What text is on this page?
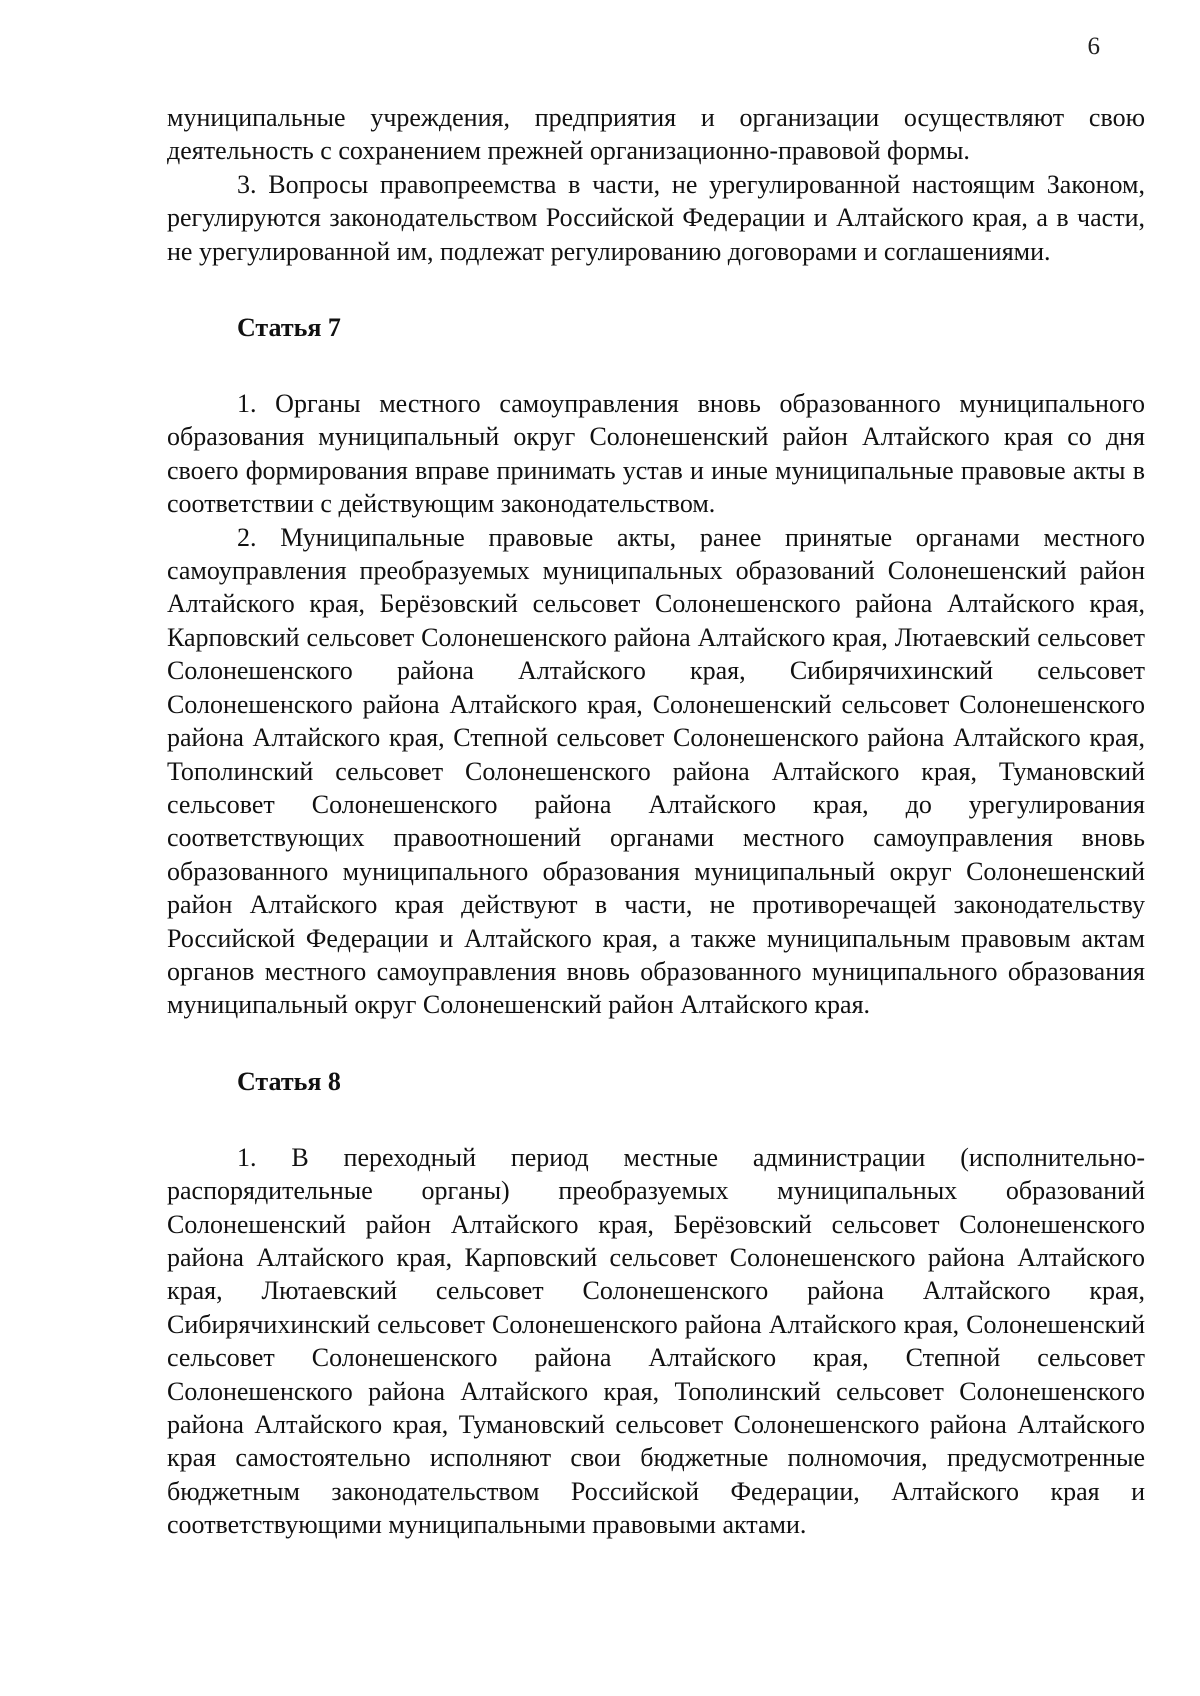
6

муниципальные учреждения, предприятия и организации осуществляют свою деятельность с сохранением прежней организационно-правовой формы.

3. Вопросы правопреемства в части, не урегулированной настоящим Законом, регулируются законодательством Российской Федерации и Алтайского края, а в части, не урегулированной им, подлежат регулированию договорами и соглашениями.

Статья 7

1. Органы местного самоуправления вновь образованного муниципального образования муниципальный округ Солонешенский район Алтайского края со дня своего формирования вправе принимать устав и иные муниципальные правовые акты в соответствии с действующим законодательством.

2. Муниципальные правовые акты, ранее принятые органами местного самоуправления преобразуемых муниципальных образований Солонешенский район Алтайского края, Берёзовский сельсовет Солонешенского района Алтайского края, Карповский сельсовет Солонешенского района Алтайского края, Лютаевский сельсовет Солонешенского района Алтайского края, Сибирячихинский сельсовет Солонешенского района Алтайского края, Солонешенский сельсовет Солонешенского района Алтайского края, Степной сельсовет Солонешенского района Алтайского края, Тополинский сельсовет Солонешенского района Алтайского края, Тумановский сельсовет Солонешенского района Алтайского края, до урегулирования соответствующих правоотношений органами местного самоуправления вновь образованного муниципального образования муниципальный округ Солонешенский район Алтайского края действуют в части, не противоречащей законодательству Российской Федерации и Алтайского края, а также муниципальным правовым актам органов местного самоуправления вновь образованного муниципального образования муниципальный округ Солонешенский район Алтайского края.

Статья 8

1. В переходный период местные администрации (исполнительно-распорядительные органы) преобразуемых муниципальных образований Солонешенский район Алтайского края, Берёзовский сельсовет Солонешенского района Алтайского края, Карповский сельсовет Солонешенского района Алтайского края, Лютаевский сельсовет Солонешенского района Алтайского края, Сибирячихинский сельсовет Солонешенского района Алтайского края, Солонешенский сельсовет Солонешенского района Алтайского края, Степной сельсовет Солонешенского района Алтайского края, Тополинский сельсовет Солонешенского района Алтайского края, Тумановский сельсовет Солонешенского района Алтайского края самостоятельно исполняют свои бюджетные полномочия, предусмотренные бюджетным законодательством Российской Федерации, Алтайского края и соответствующими муниципальными правовыми актами.
